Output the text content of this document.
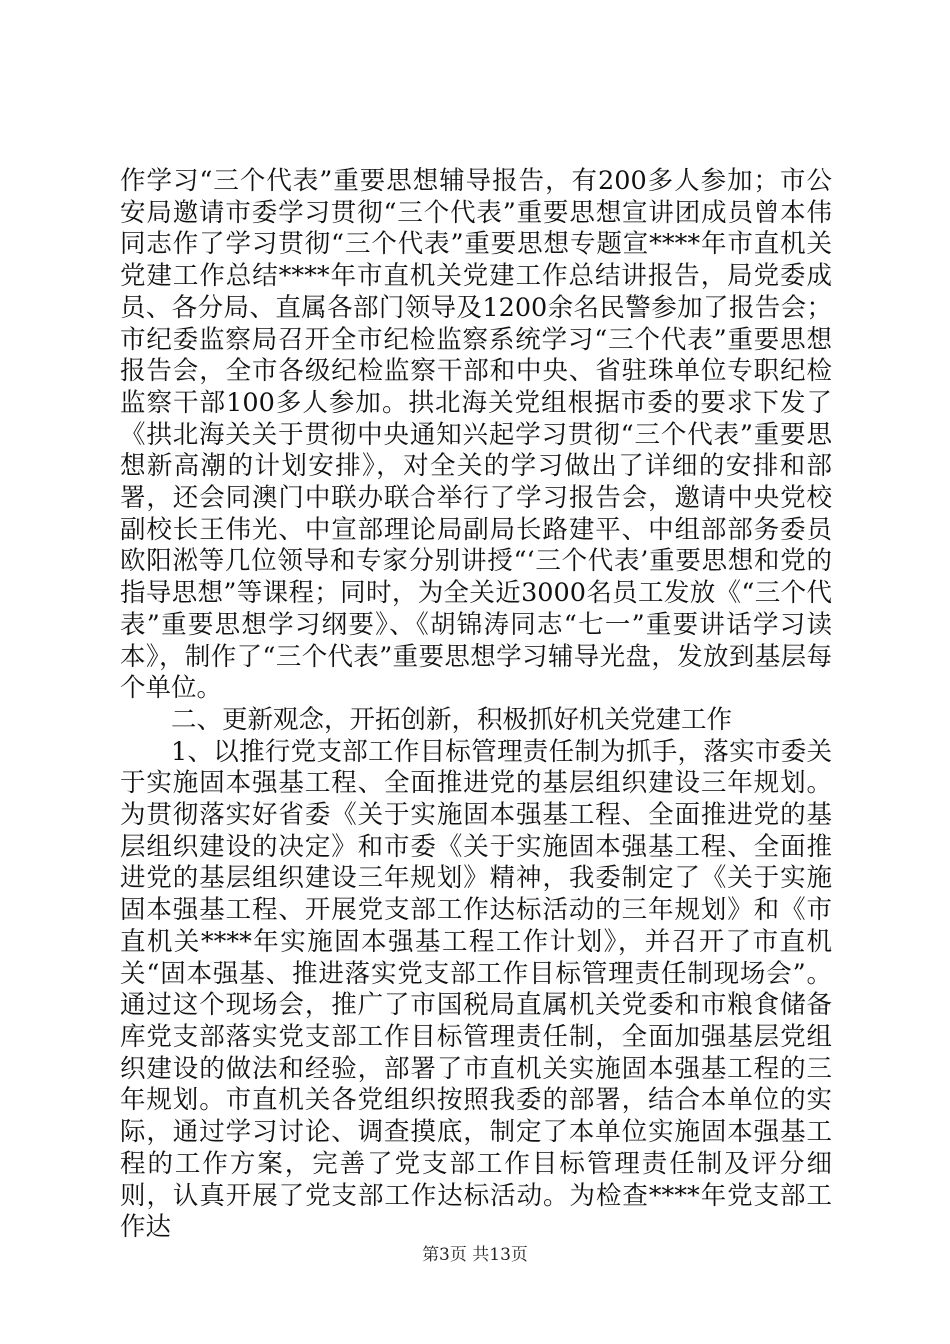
作学习“三个代表”重要思想辅导报告，有200多人参加；市公安局邀请市委学习贯彻“三个代表”重要思想宣讲团成员曾本伟同志作了学习贯彻“三个代表”重要思想专题宣****年市直机关党建工作总结****年市直机关党建工作总结讲报告，局党委成员、各分局、直属各部门领导及1200余名民警参加了报告会；市纪委监察局召开全市纪检监察系统学习“三个代表”重要思想报告会，全市各级纪检监察干部和中央、省驻珠单位专职纪检监察干部100多人参加。拱北海关党组根据市委的要求下发了《拱北海关关于贯彻中央通知兴起学习贯彻“三个代表”重要思想新高潮的计划安排》，对全关的学习做出了详细的安排和部署，还会同澳门中联办联合举行了学习报告会，邀请中央党校副校长王伟光、中宣部理论局副局长路建平、中组部部务委员欧阳淞等几位领导和专家分别讲授“‘三个代表’重要思想和党的指导思想”等课程；同时，为全关近3000名员工发放《“三个代表”重要思想学习纲要》、《胡锦涛同志“七一”重要讲话学习读本》，制作了“三个代表”重要思想学习辅导光盘，发放到基层每个单位。

二、更新观念，开拓创新，积极抓好机关党建工作

1、以推行党支部工作目标管理责任制为抓手，落实市委关于实施固本强基工程、全面推进党的基层组织建设三年规划。为贯彻落实好省委《关于实施固本强基工程、全面推进党的基层组织建设的决定》和市委《关于实施固本强基工程、全面推进党的基层组织建设三年规划》精神，我委制定了《关于实施固本强基工程、开展党支部工作达标活动的三年规划》和《市直机关****年实施固本强基工程工作计划》，并召开了市直机关“固本强基、推进落实党支部工作目标管理责任制现场会”。通过这个现场会，推广了市国税局直属机关党委和市粮食储备库党支部落实党支部工作目标管理责任制，全面加强基层党组织建设的做法和经验，部署了市直机关实施固本强基工程的三年规划。市直机关各党组织按照我委的部署，结合本单位的实际，通过学习讨论、调查摸底，制定了本单位实施固本强基工程的工作方案，完善了党支部工作目标管理责任制及评分细则，认真开展了党支部工作达标活动。为检查****年党支部工作达

第3页 共13页
